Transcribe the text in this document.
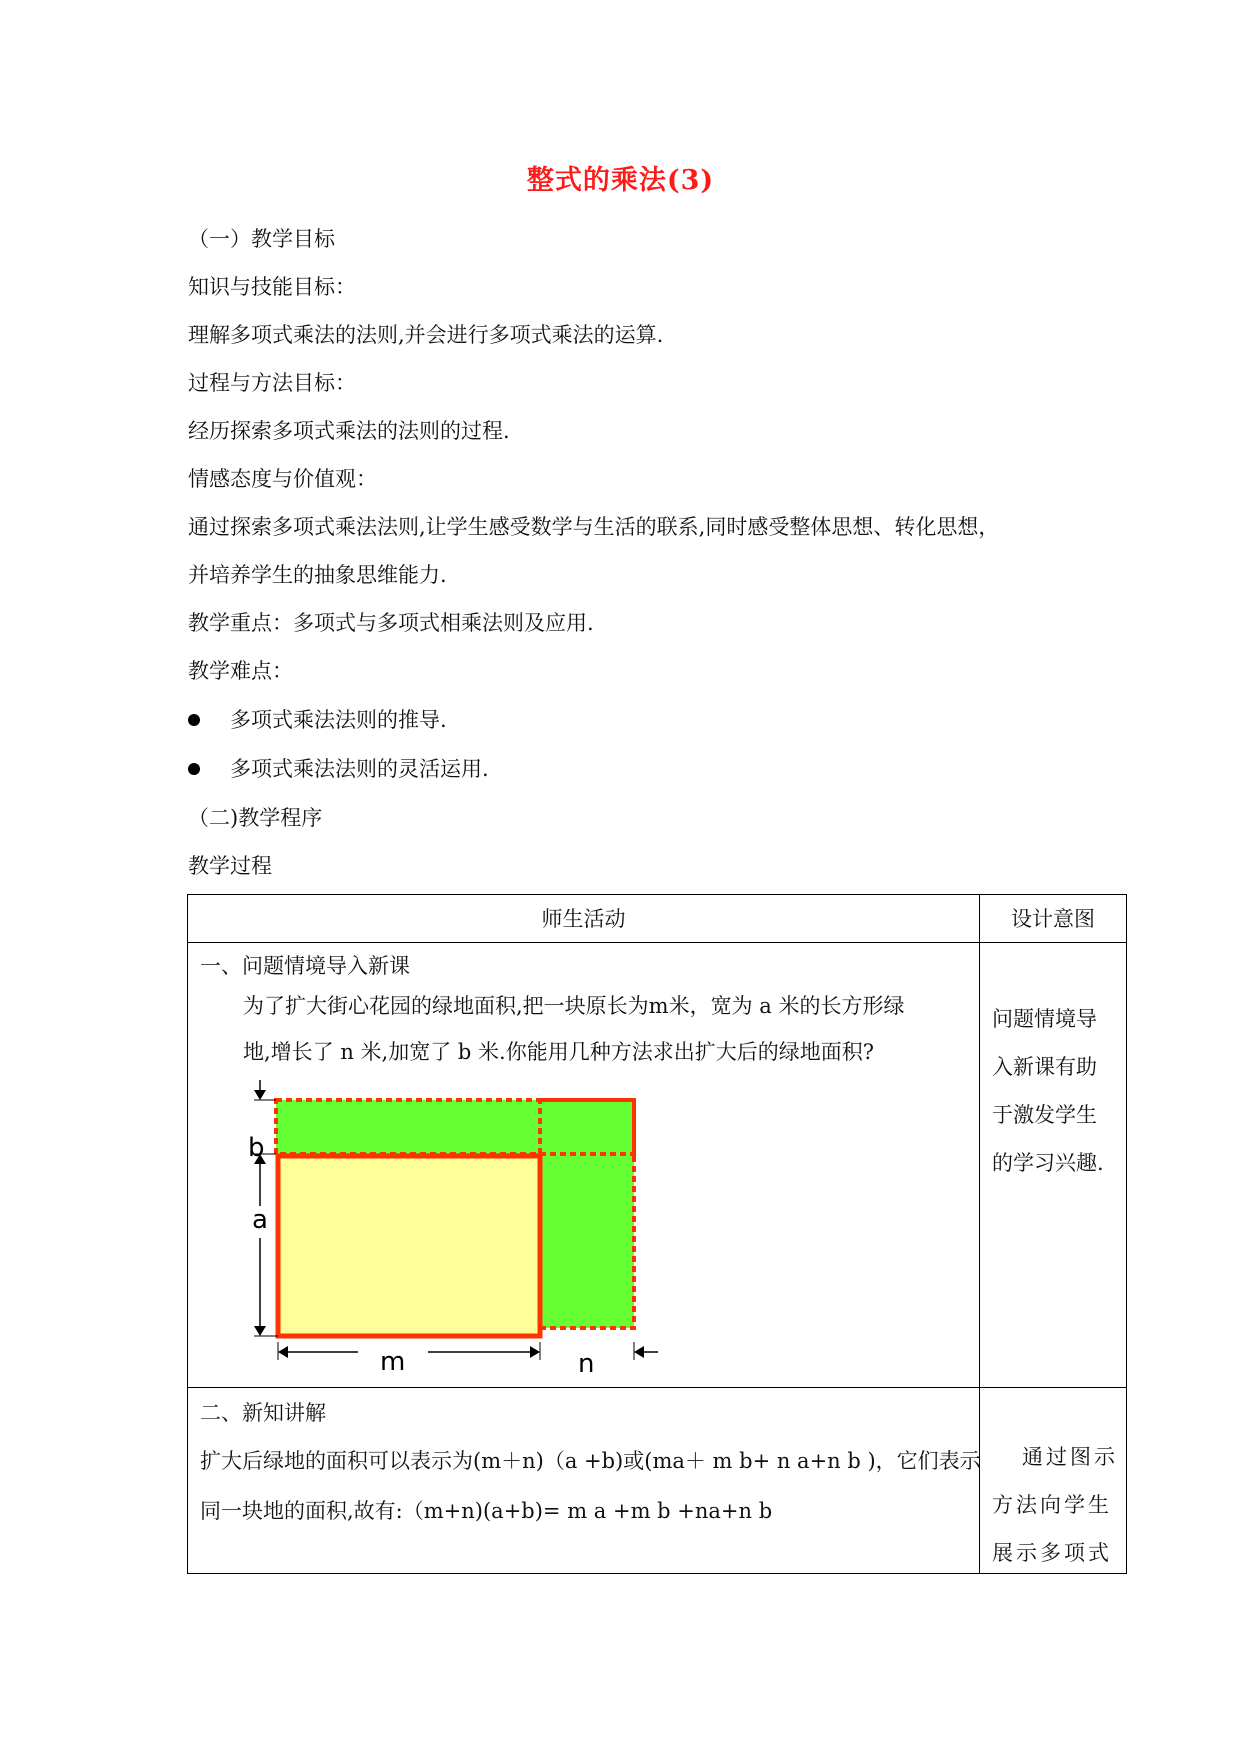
整式的乘法(3)
（一）教学目标
知识与技能目标：
理解多项式乘法的法则,并会进行多项式乘法的运算.
过程与方法目标：
经历探索多项式乘法的法则的过程.
情感态度与价值观：
通过探索多项式乘法法则,让学生感受数学与生活的联系,同时感受整体思想、转化思想，
并培养学生的抽象思维能力.
教学重点：多项式与多项式相乘法则及应用.
教学难点：
多项式乘法法则的推导.
多项式乘法法则的灵活运用.
（二)教学程序
教学过程
师生活动	设计意图
一、问题情境导入新课
为了扩大街心花园的绿地面积,把一块原长为m米，宽为 a 米的长方形绿
地,增长了 n 米,加宽了 b 米.你能用几种方法求出扩大后的绿地面积?
b
a
m	n
问题情境导
入新课有助
于激发学生
的学习兴趣.
二、新知讲解
扩大后绿地的面积可以表示为(m＋n)（a +b)或(ma＋ m b+ n a+n b )，它们表示
同一块地的面积,故有:（m+n)(a+b)= m a +m b +na+n b
通过图示
方法向学生
展示多项式
